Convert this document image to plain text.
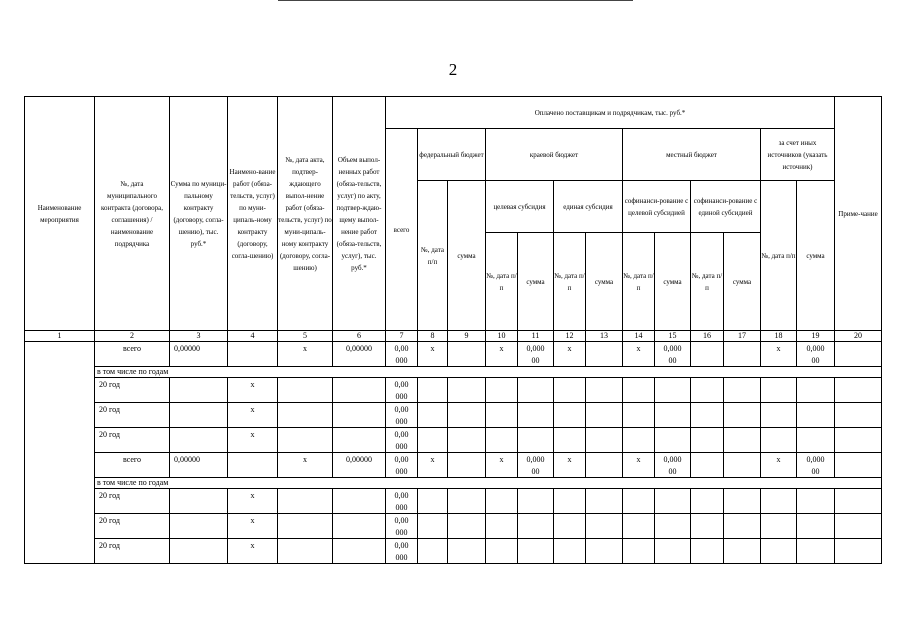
2
Наименование мероприятия	№, дата муниципального контракта (договора, соглашения) / наименование подрядчика	Сумма по муници-пальному контракту (договору, согла-шению), тыс. руб.*	Наимено-вание работ (обяза-тельств, услуг) по муни-ципаль-ному контракту (договору, согла-шению)	№, дата акта, подтвер-ждающего выпол-нение работ (обяза-тельств, услуг) по муни-ципаль-ному контракту (договору, согла-шению)	Объем выпол-ненных работ (обяза-тельств, услуг) по акту, подтвер-ждаю-щему выпол-нение работ (обяза-тельств, услуг), тыс. руб.*	Оплачено поставщикам и подрядчикам, тыс. руб.*													Приме-чание
						всего	федеральный бюджет		краевой бюджет				местный бюджет				за счет иных источников (указать источник)		
							№, дата п/п	сумма	целевая субсидия		единая субсидия		софинанси-рование с целевой субсидией		софинанси-рование с единой субсидией		№, дата п/п	сумма	
									№, дата п/п	сумма	№, дата п/п	сумма	№, дата п/п	сумма	№, дата п/п	сумма			
1	2	3	4	5	6	7	8	9	10	11	12	13	14	15	16	17	18	19	20
	всего	0,00000		х	0,00000	0,00	х		х	0,000	х		х	0,000			х	0,000	
						000				00				00				00	
	в том числе по годам																		
	20 год		х			0,00													
						000													
	20 год		х			0,00													
						000													
	20 год		х			0,00													
						000													
	всего	0,00000		х	0,00000	0,00	х		х	0,000	х		х	0,000			х	0,000	
						000				00				00				00	
	в том числе по годам																		
	20 год		х			0,00													
						000													
	20 год		х			0,00													
						000													
	20 год		х			0,00													
						000													
